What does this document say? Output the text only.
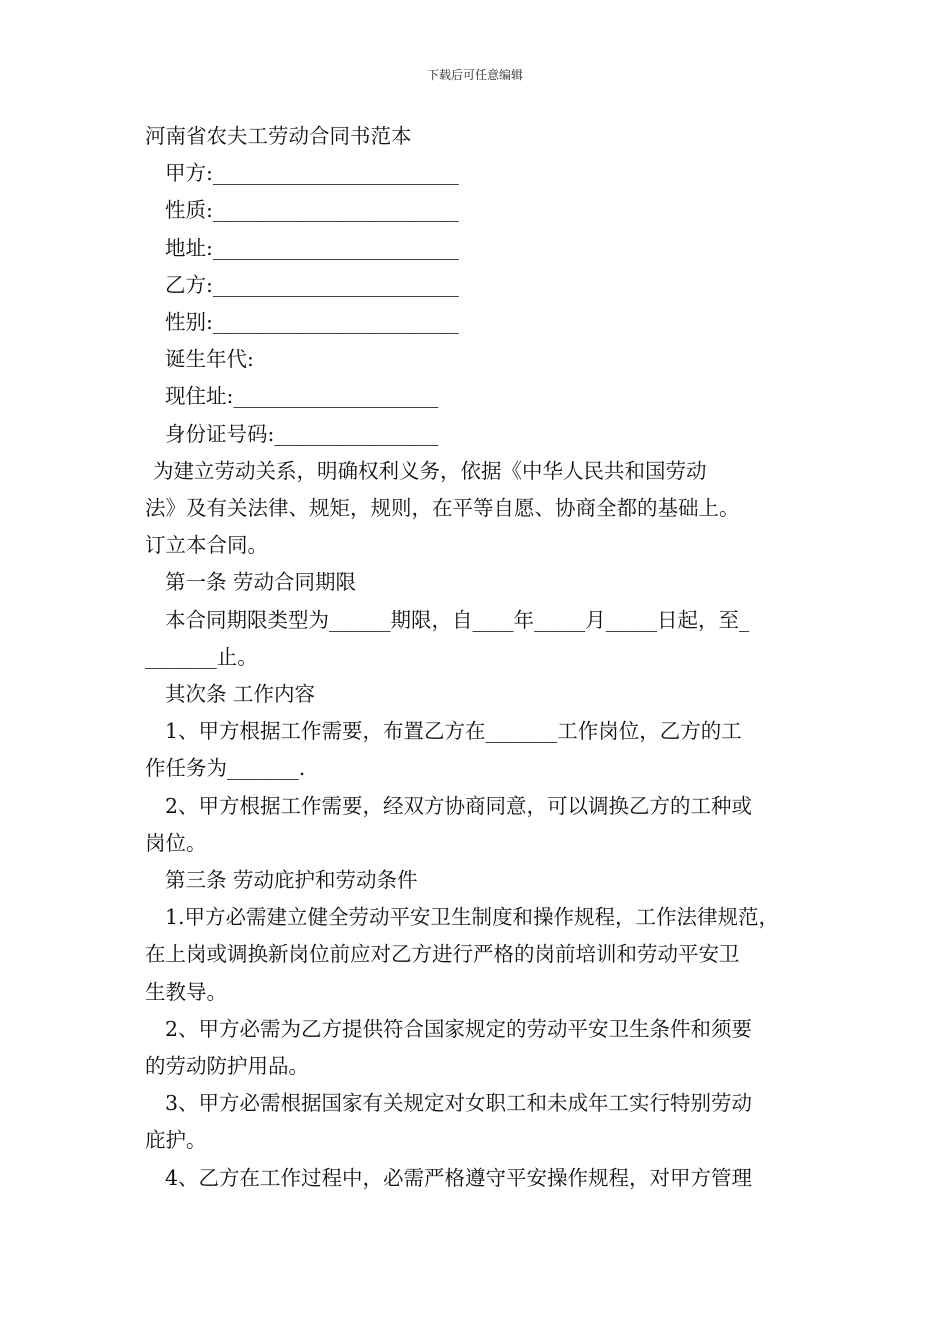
下载后可任意编辑
河南省农夫工劳动合同书范本
甲方:________________________
性质:________________________
地址:________________________
乙方:________________________
性别:________________________
诞生年代:
现住址:____________________
身份证号码:________________
为建立劳动关系，明确权利义务，依据《中华人民共和国劳动
法》及有关法律、规矩，规则，在平等自愿、协商全都的基础上。
订立本合同。
第一条 劳动合同期限
本合同期限类型为______期限，自____年_____月_____日起，至_
_______止。
其次条 工作内容
1、甲方根据工作需要，布置乙方在_______工作岗位，乙方的工
作任务为_______.
2、甲方根据工作需要，经双方协商同意，可以调换乙方的工种或
岗位。
第三条 劳动庇护和劳动条件
1.甲方必需建立健全劳动平安卫生制度和操作规程，工作法律规范，
在上岗或调换新岗位前应对乙方进行严格的岗前培训和劳动平安卫
生教导。
2、甲方必需为乙方提供符合国家规定的劳动平安卫生条件和须要
的劳动防护用品。
3、甲方必需根据国家有关规定对女职工和未成年工实行特别劳动
庇护。
4、乙方在工作过程中，必需严格遵守平安操作规程，对甲方管理
